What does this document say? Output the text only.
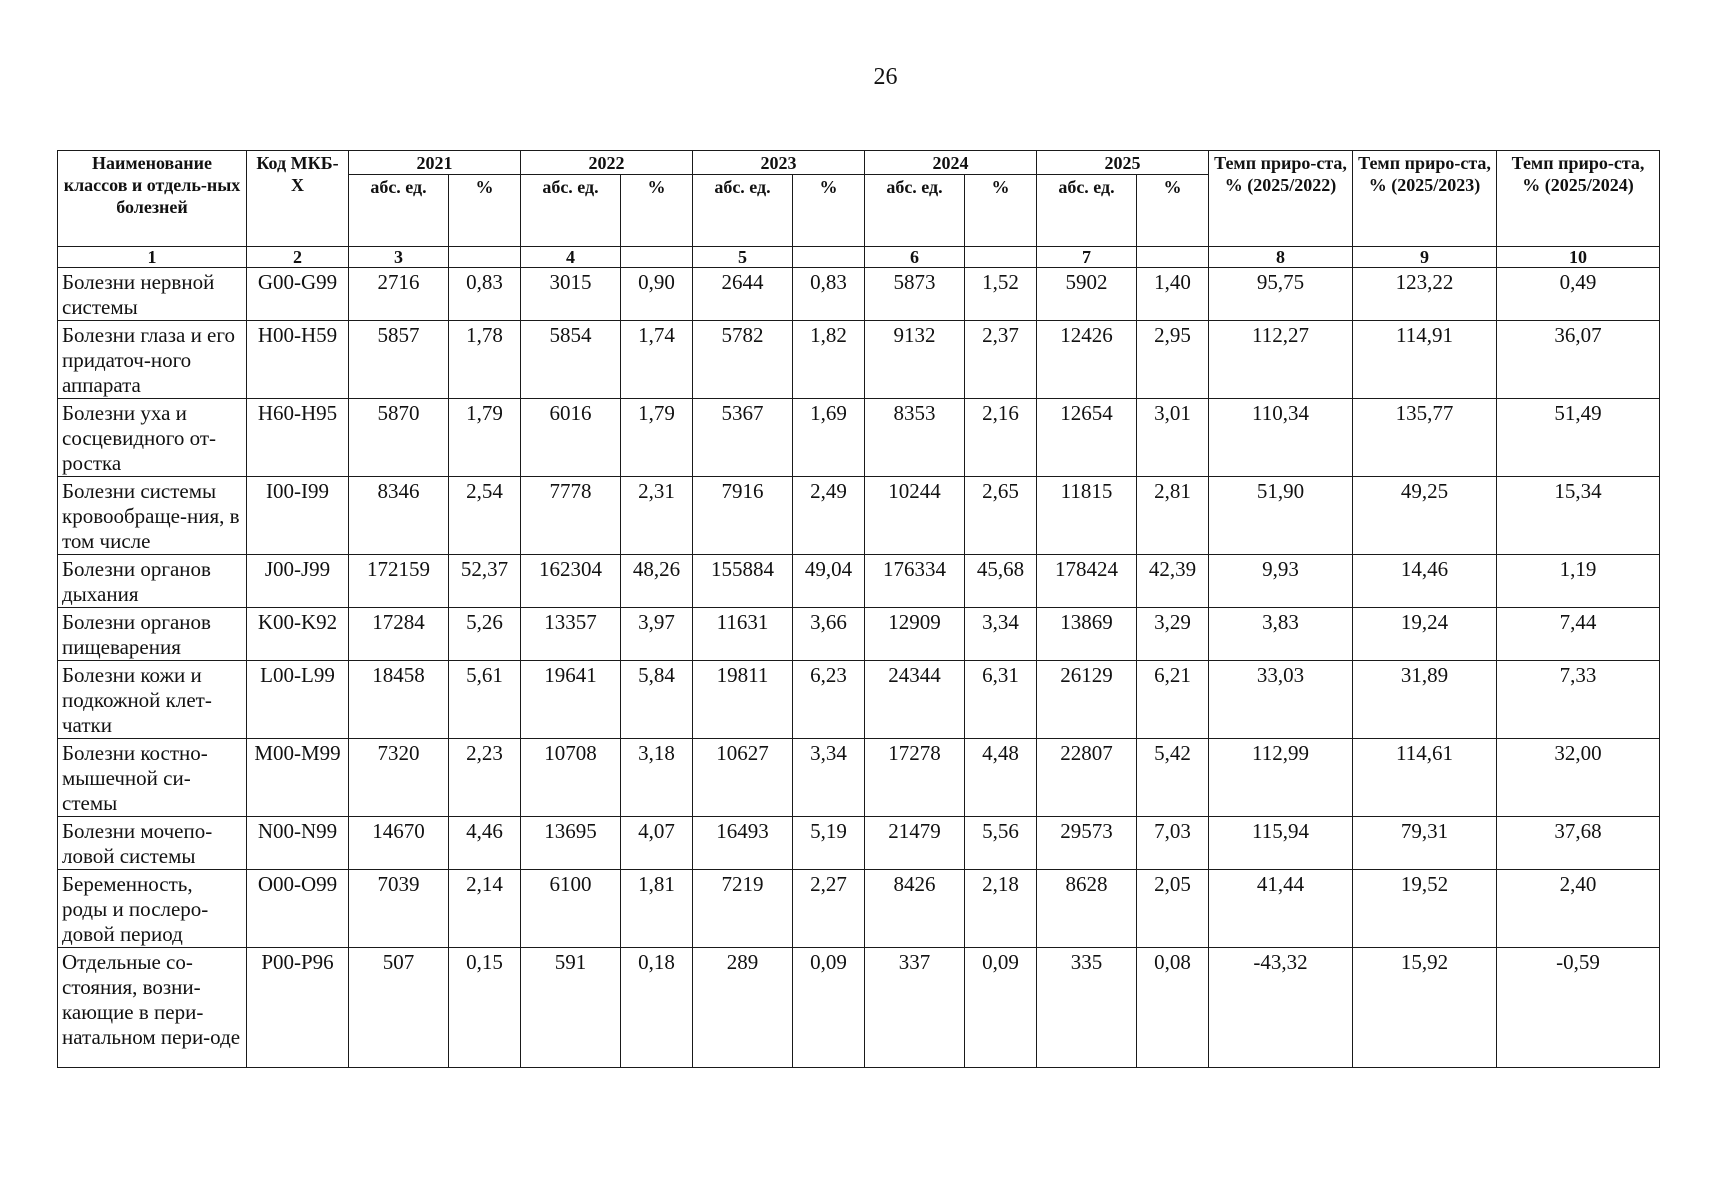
26
Наименование классов и отдель-ных болезней	Код МКБ-Х	2021		2022		2023		2024		2025		Темп приро-ста, % (2025/2022)	Темп приро-ста, % (2025/2023)	Темп приро-ста, % (2025/2024)
		абс. ед.	%	абс. ед.	%	абс. ед.	%	абс. ед.	%	абс. ед.	%			
1	2	3		4		5		6		7		8	9	10
Болезни нервной системы	G00-G99	2716	0,83	3015	0,90	2644	0,83	5873	1,52	5902	1,40	95,75	123,22	0,49
Болезни глаза и его придаточ-ного аппарата	H00-H59	5857	1,78	5854	1,74	5782	1,82	9132	2,37	12426	2,95	112,27	114,91	36,07
Болезни уха и сосцевидного от-ростка	H60-H95	5870	1,79	6016	1,79	5367	1,69	8353	2,16	12654	3,01	110,34	135,77	51,49
Болезни системы кровообраще-ния, в том числе	I00-I99	8346	2,54	7778	2,31	7916	2,49	10244	2,65	11815	2,81	51,90	49,25	15,34
Болезни органов дыхания	J00-J99	172159	52,37	162304	48,26	155884	49,04	176334	45,68	178424	42,39	9,93	14,46	1,19
Болезни органов пищеварения	K00-K92	17284	5,26	13357	3,97	11631	3,66	12909	3,34	13869	3,29	3,83	19,24	7,44
Болезни кожи и подкожной клет-чатки	L00-L99	18458	5,61	19641	5,84	19811	6,23	24344	6,31	26129	6,21	33,03	31,89	7,33
Болезни костно-мышечной си-стемы	M00-M99	7320	2,23	10708	3,18	10627	3,34	17278	4,48	22807	5,42	112,99	114,61	32,00
Болезни мочепо-ловой системы	N00-N99	14670	4,46	13695	4,07	16493	5,19	21479	5,56	29573	7,03	115,94	79,31	37,68
Беременность, роды и послеро-довой период	O00-O99	7039	2,14	6100	1,81	7219	2,27	8426	2,18	8628	2,05	41,44	19,52	2,40
Отдельные со-стояния, возни-кающие в пери-натальном пери-оде	P00-P96	507	0,15	591	0,18	289	0,09	337	0,09	335	0,08	-43,32	15,92	-0,59
